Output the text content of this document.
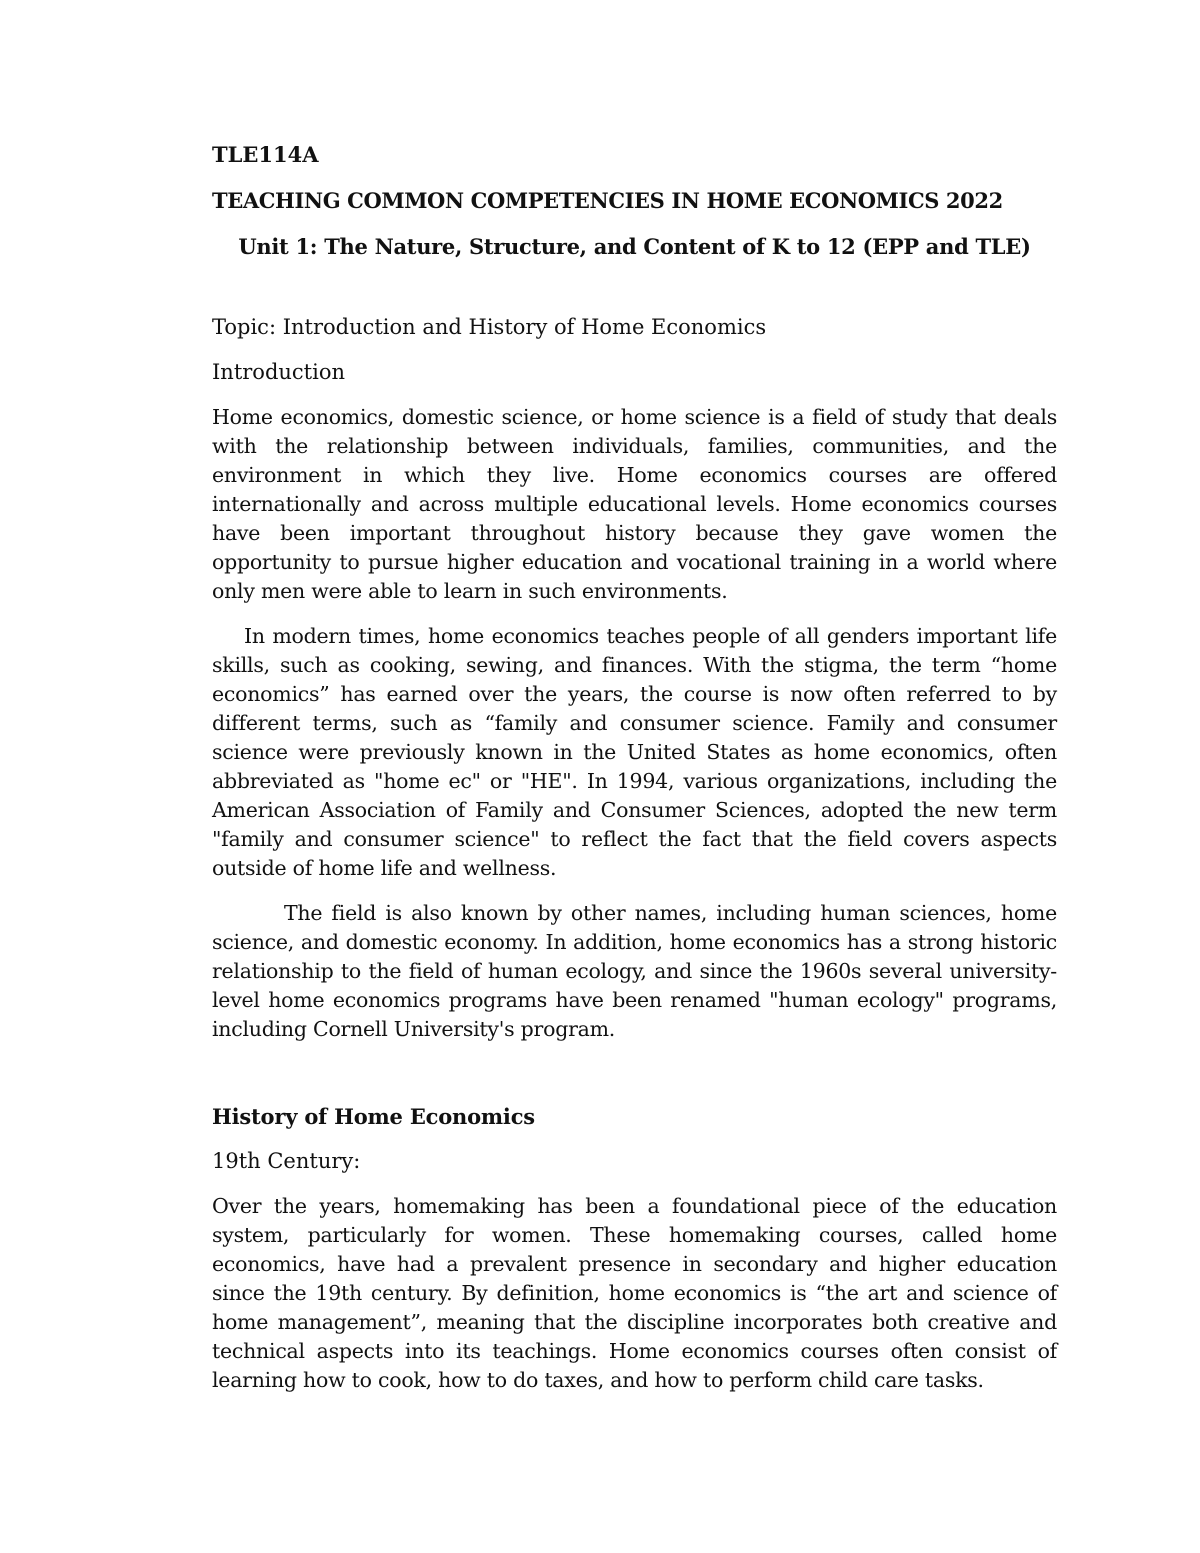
TLE114A

TEACHING COMMON COMPETENCIES IN HOME ECONOMICS 2022

Unit 1: The Nature, Structure, and Content of K to 12 (EPP and TLE)

Topic: Introduction and History of Home Economics

Introduction

Home economics, domestic science, or home science is a field of study that deals with the relationship between individuals, families, communities, and the environment in which they live. Home economics courses are offered internationally and across multiple educational levels. Home economics courses have been important throughout history because they gave women the opportunity to pursue higher education and vocational training in a world where only men were able to learn in such environments.

In modern times, home economics teaches people of all genders important life skills, such as cooking, sewing, and finances. With the stigma, the term “home economics” has earned over the years, the course is now often referred to by different terms, such as “family and consumer science. Family and consumer science were previously known in the United States as home economics, often abbreviated as "home ec" or "HE". In 1994, various organizations, including the American Association of Family and Consumer Sciences, adopted the new term "family and consumer science" to reflect the fact that the field covers aspects outside of home life and wellness.

The field is also known by other names, including human sciences, home science, and domestic economy. In addition, home economics has a strong historic relationship to the field of human ecology, and since the 1960s several university-level home economics programs have been renamed "human ecology" programs, including Cornell University's program.

History of Home Economics

19th Century:

Over the years, homemaking has been a foundational piece of the education system, particularly for women. These homemaking courses, called home economics, have had a prevalent presence in secondary and higher education since the 19th century. By definition, home economics is “the art and science of home management”, meaning that the discipline incorporates both creative and technical aspects into its teachings. Home economics courses often consist of learning how to cook, how to do taxes, and how to perform child care tasks.
